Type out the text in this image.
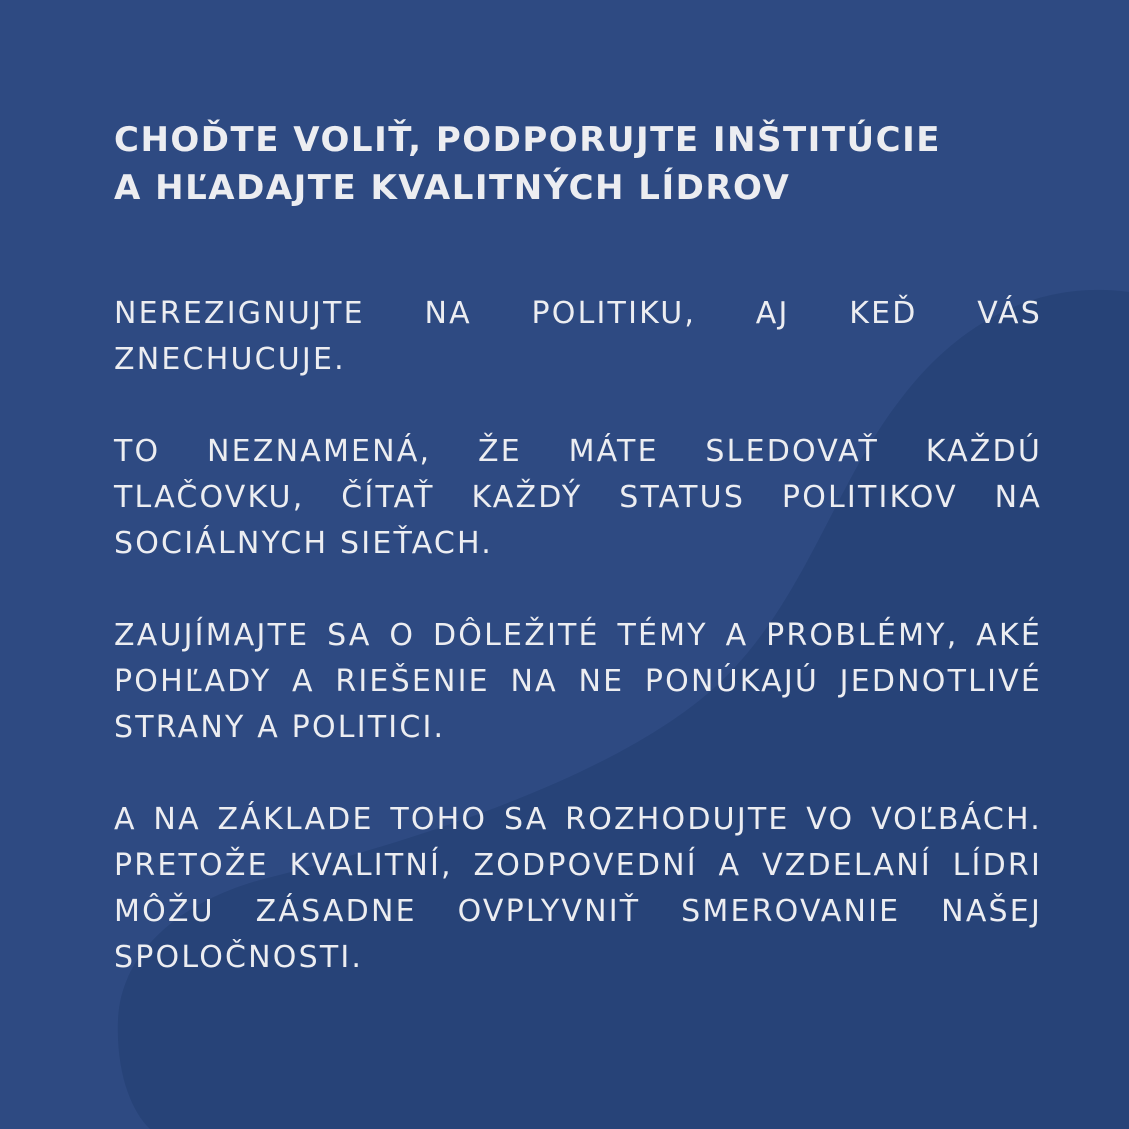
CHOĎTE VOLIŤ, PODPORUJTE INŠTITÚCIE
A HĽADAJTE KVALITNÝCH LÍDROV

NEREZIGNUJTE NA POLITIKU, AJ KEĎ VÁS ZNECHUCUJE.

TO NEZNAMENÁ, ŽE MÁTE SLEDOVAŤ KAŽDÚ TLAČOVKU, ČÍTAŤ KAŽDÝ STATUS POLITIKOV NA SOCIÁLNYCH SIEŤACH.

ZAUJÍMAJTE SA O DÔLEŽITÉ TÉMY A PROBLÉMY, AKÉ POHĽADY A RIEŠENIE NA NE PONÚKAJÚ JEDNOTLIVÉ STRANY A POLITICI.

A NA ZÁKLADE TOHO SA ROZHODUJTE VO VOĽBÁCH. PRETOŽE KVALITNÍ, ZODPOVEDNÍ A VZDELANÍ LÍDRI MÔŽU ZÁSADNE OVPLYVNIŤ SMEROVANIE NAŠEJ SPOLOČNOSTI.
